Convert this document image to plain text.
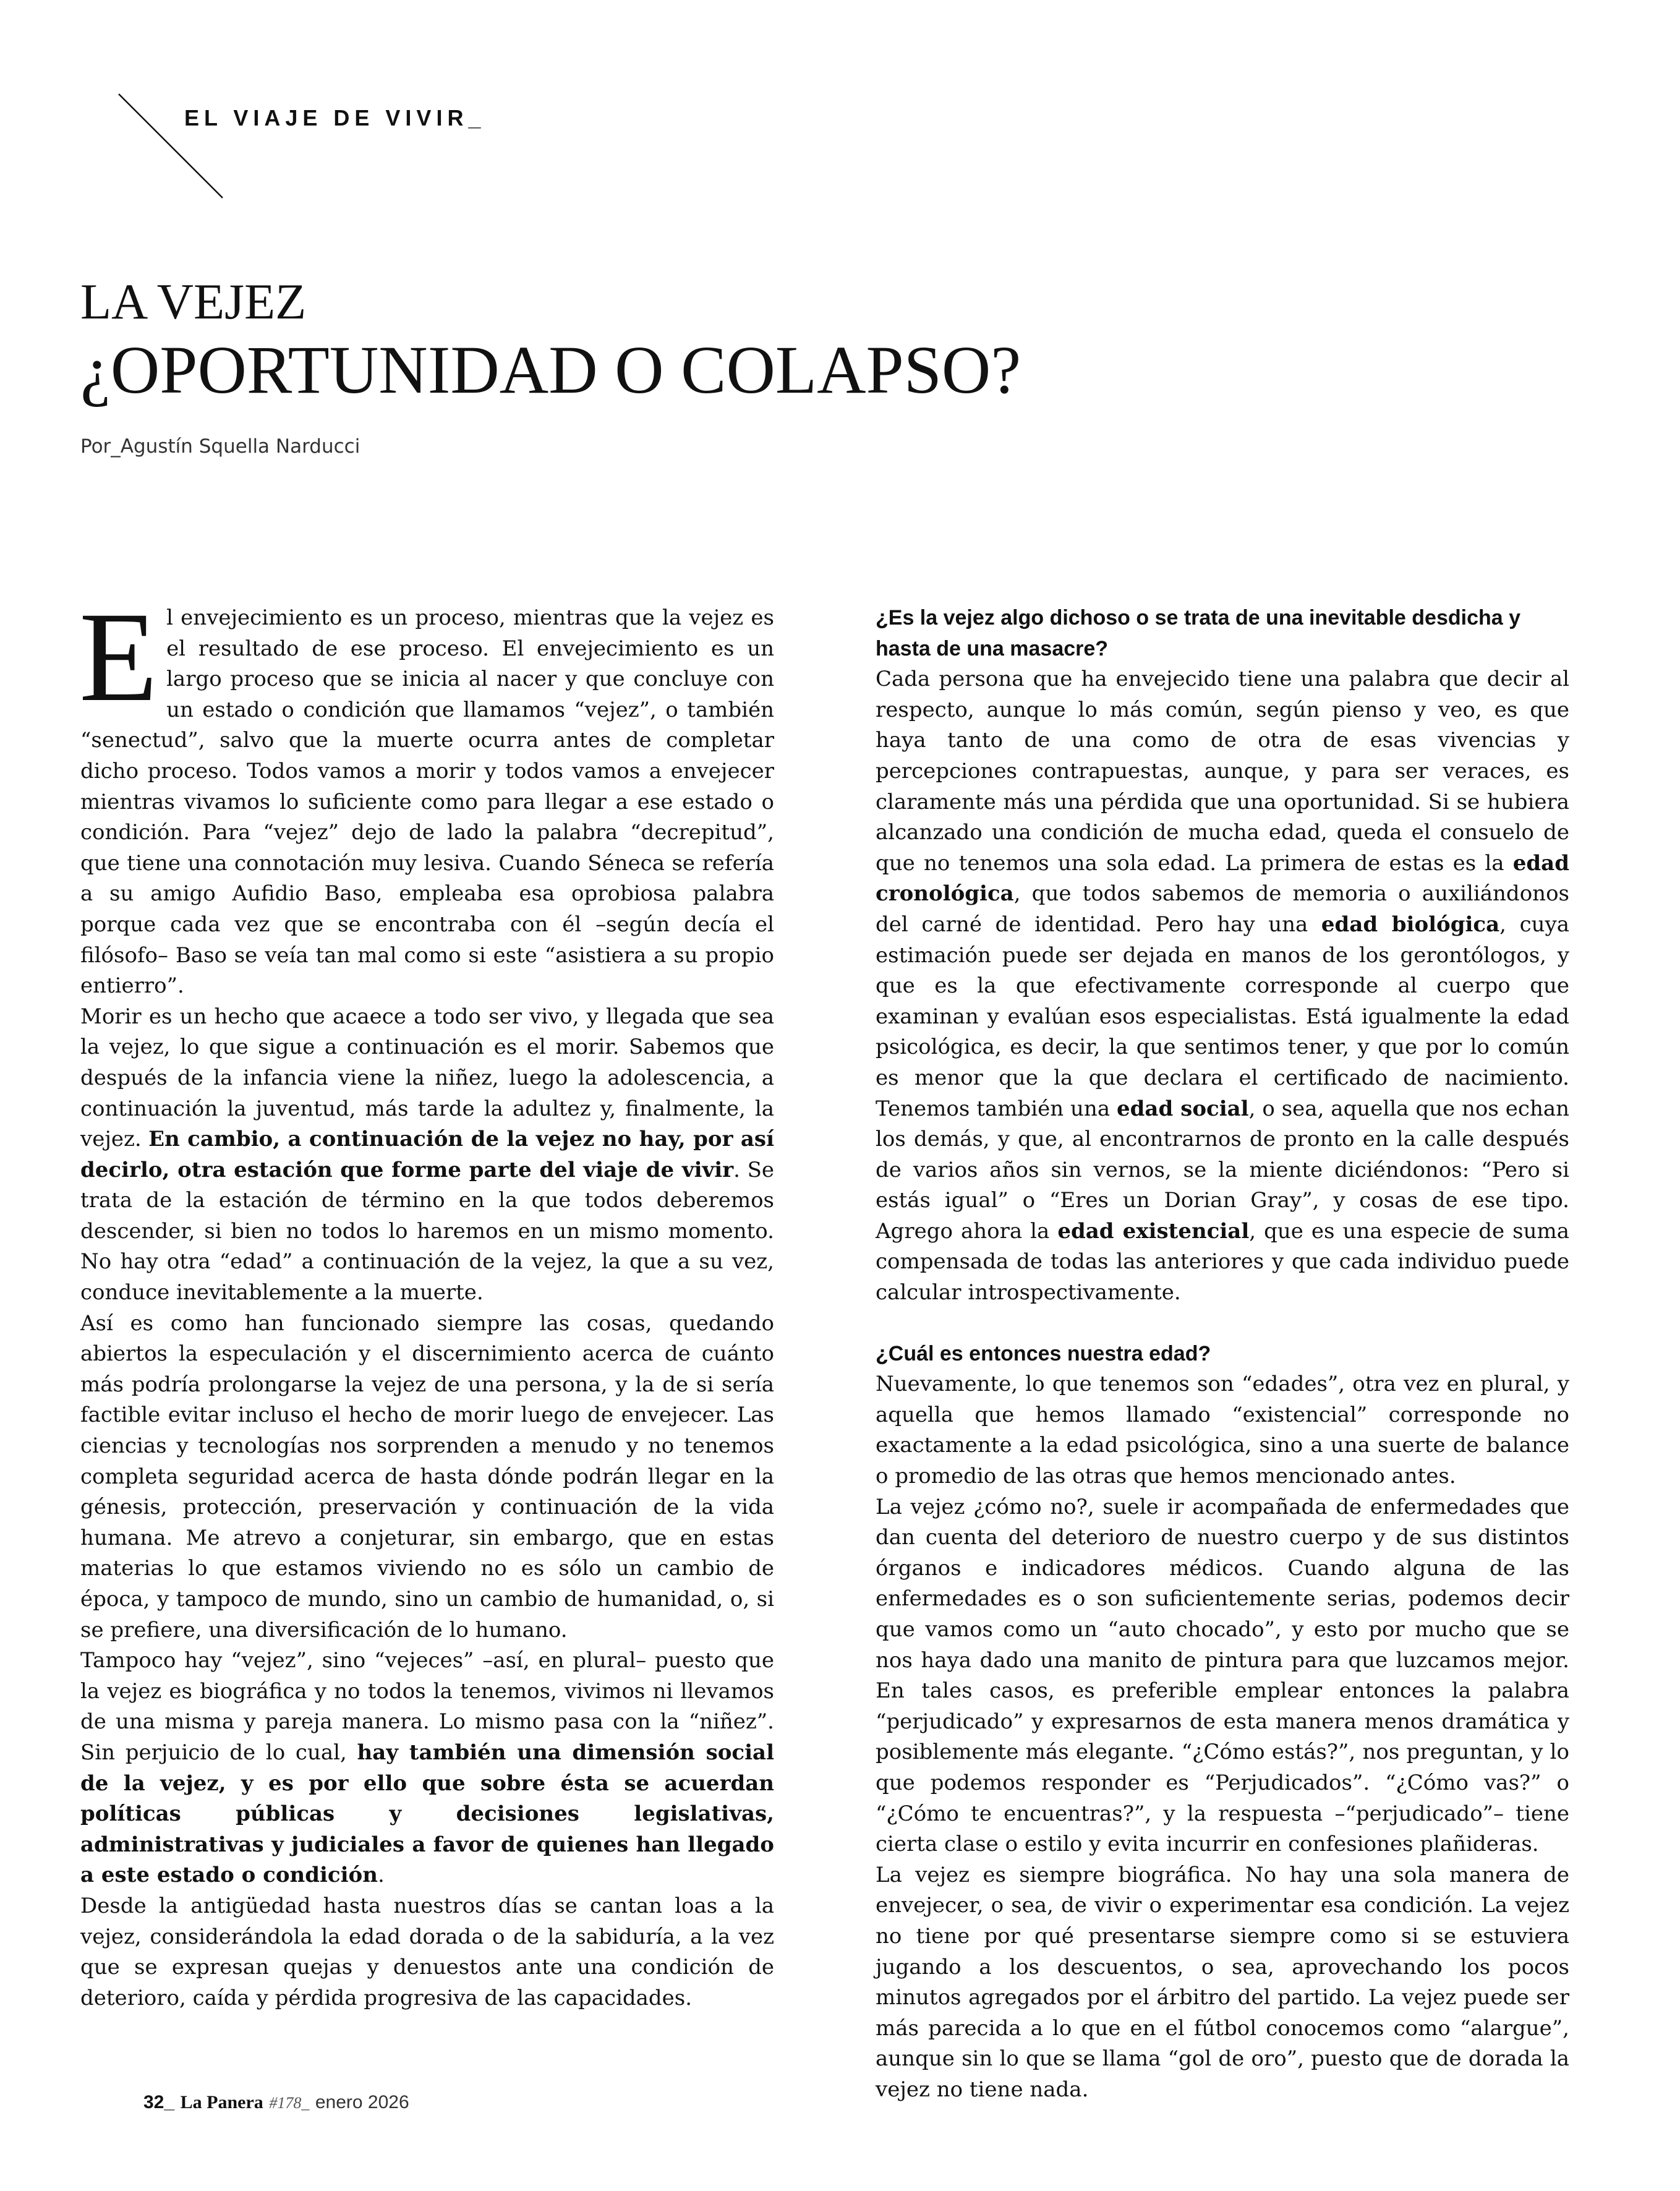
EL VIAJE DE VIVIR_
LA VEJEZ
¿OPORTUNIDAD O COLAPSO?
Por_Agustín Squella Narducci

El envejecimiento es un proceso, mientras que la vejez es el resultado de ese proceso. El envejecimiento es un largo proceso que se inicia al nacer y que concluye con un estado o condición que llamamos “vejez”, o también “senectud”, salvo que la muerte ocurra antes de completar dicho proceso. Todos vamos a morir y todos vamos a envejecer mientras vivamos lo suficiente como para llegar a ese estado o condición. Para “vejez” dejo de lado la palabra “decrepitud”, que tiene una connotación muy lesiva. Cuando Séneca se refería a su amigo Aufidio Baso, empleaba esa oprobiosa palabra porque cada vez que se encontraba con él –según decía el filósofo– Baso se veía tan mal como si este “asistiera a su propio entierro”.

Morir es un hecho que acaece a todo ser vivo, y llegada que sea la vejez, lo que sigue a continuación es el morir. Sabemos que después de la infancia viene la niñez, luego la adolescencia, a continuación la juventud, más tarde la adultez y, finalmente, la vejez. En cambio, a continuación de la vejez no hay, por así decirlo, otra estación que forme parte del viaje de vivir. Se trata de la estación de término en la que todos deberemos descender, si bien no todos lo haremos en un mismo momento. No hay otra “edad” a continuación de la vejez, la que a su vez, conduce inevitablemente a la muerte.

Así es como han funcionado siempre las cosas, quedando abiertos la especulación y el discernimiento acerca de cuánto más podría prolongarse la vejez de una persona, y la de si sería factible evitar incluso el hecho de morir luego de envejecer. Las ciencias y tecnologías nos sorprenden a menudo y no tenemos completa seguridad acerca de hasta dónde podrán llegar en la génesis, protección, preservación y continuación de la vida humana. Me atrevo a conjeturar, sin embargo, que en estas materias lo que estamos viviendo no es sólo un cambio de época, y tampoco de mundo, sino un cambio de humanidad, o, si se prefiere, una diversificación de lo humano.

Tampoco hay “vejez”, sino “vejeces” –así, en plural– puesto que la vejez es biográfica y no todos la tenemos, vivimos ni llevamos de una misma y pareja manera. Lo mismo pasa con la “niñez”. Sin perjuicio de lo cual, hay también una dimensión social de la vejez, y es por ello que sobre ésta se acuerdan políticas públicas y decisiones legislativas, administrativas y judiciales a favor de quienes han llegado a este estado o condición.

Desde la antigüedad hasta nuestros días se cantan loas a la vejez, considerándola la edad dorada o de la sabiduría, a la vez que se expresan quejas y denuestos ante una condición de deterioro, caída y pérdida progresiva de las capacidades.

¿Es la vejez algo dichoso o se trata de una inevitable desdicha y hasta de una masacre?

Cada persona que ha envejecido tiene una palabra que decir al respecto, aunque lo más común, según pienso y veo, es que haya tanto de una como de otra de esas vivencias y percepciones contrapuestas, aunque, y para ser veraces, es claramente más una pérdida que una oportunidad. Si se hubiera alcanzado una condición de mucha edad, queda el consuelo de que no tenemos una sola edad. La primera de estas es la edad cronológica, que todos sabemos de memoria o auxiliándonos del carné de identidad. Pero hay una edad biológica, cuya estimación puede ser dejada en manos de los gerontólogos, y que es la que efectivamente corresponde al cuerpo que examinan y evalúan esos especialistas. Está igualmente la edad psicológica, es decir, la que sentimos tener, y que por lo común es menor que la que declara el certificado de nacimiento. Tenemos también una edad social, o sea, aquella que nos echan los demás, y que, al encontrarnos de pronto en la calle después de varios años sin vernos, se la miente diciéndonos: “Pero si estás igual” o “Eres un Dorian Gray”, y cosas de ese tipo. Agrego ahora la edad existencial, que es una especie de suma compensada de todas las anteriores y que cada individuo puede calcular introspectivamente.

¿Cuál es entonces nuestra edad?

Nuevamente, lo que tenemos son “edades”, otra vez en plural, y aquella que hemos llamado “existencial” corresponde no exactamente a la edad psicológica, sino a una suerte de balance o promedio de las otras que hemos mencionado antes.

La vejez ¿cómo no?, suele ir acompañada de enfermedades que dan cuenta del deterioro de nuestro cuerpo y de sus distintos órganos e indicadores médicos. Cuando alguna de las enfermedades es o son suficientemente serias, podemos decir que vamos como un “auto chocado”, y esto por mucho que se nos haya dado una manito de pintura para que luzcamos mejor. En tales casos, es preferible emplear entonces la palabra “perjudicado” y expresarnos de esta manera menos dramática y posiblemente más elegante. “¿Cómo estás?”, nos preguntan, y lo que podemos responder es “Perjudicados”. “¿Cómo vas?” o “¿Cómo te encuentras?”, y la respuesta –“perjudicado”– tiene cierta clase o estilo y evita incurrir en confesiones plañideras.

La vejez es siempre biográfica. No hay una sola manera de envejecer, o sea, de vivir o experimentar esa condición. La vejez no tiene por qué presentarse siempre como si se estuviera jugando a los descuentos, o sea, aprovechando los pocos minutos agregados por el árbitro del partido. La vejez puede ser más parecida a lo que en el fútbol conocemos como “alargue”, aunque sin lo que se llama “gol de oro”, puesto que de dorada la vejez no tiene nada.

32_ La Panera #178_ enero 2026
